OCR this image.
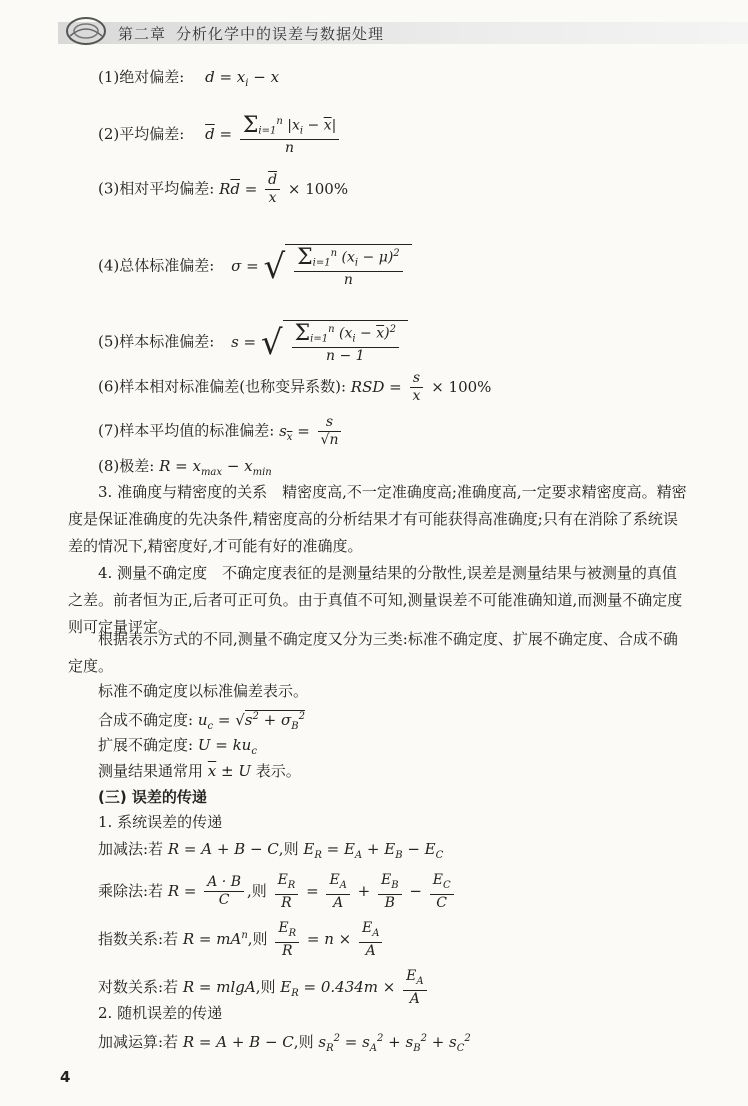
第二章 分析化学中的误差与数据处理
(1)绝对偏差: $d = x_i - x$
(2)平均偏差: $\overline{d} = \frac{\Sigma_{i=1}^n |x_i - \overline{x}|}{n}$
(3)相对平均偏差: $R\overline{d} = \frac{\overline{d}}{x} \times 100\%$
(4)总体标准偏差: σ = √ $\frac{\Sigma_{i=1}^n (x_i - \mu)^2}{n}$
(5)样本标准偏差: s = √ $\frac{\Sigma_{i=1}^n (x_i - \overline{x})^2}{n - 1}$
(6)样本相对标准偏差(也称变异系数): RSD = $\frac{s}{x} \times 100\%$
(7)样本平均值的标准偏差: $s_{\overline{x}} = \frac{s}{√n}$
(8)极差: $R = x_{max} - x_{min}$
3. 准确度与精密度的关系　精密度高,不一定准确度高;准确度高,一定要求精密度高。精密度是保证准确度的先决条件,精密度高的分析结果才有可能获得高准确度;只有在消除了系统误差的情况下,精密度好,才可能有好的准确度。
4. 测量不确定度　不确定度表征的是测量结果的分散性,误差是测量结果与被测量的真值之差。前者恒为正,后者可正可负。由于真值不可知,测量误差不可能准确知道,而测量不确定度则可定量评定。
根据表示方式的不同,测量不确定度又分为三类:标准不确定度、扩展不确定度、合成不确定度。
标准不确定度以标准偏差表示。
合成不确定度: $u_c = √s^2 + \sigma_B^2$
扩展不确定度: $U = ku_c$
测量结果通常用 $\overline{x} \pm U$ 表示。
(三) 误差的传递
1. 系统误差的传递
加减法:若 R = A + B − C,则 $E_R = E_A + E_B - E_C$
乘除法:若 $R = \frac{A \cdot B}{C}$ ,则 $\frac{E_R}{R} = \frac{E_A}{A} + \frac{E_B}{B} - \frac{E_C}{C}$
指数关系:若 $R = mA^n$,则 $\frac{E_R}{R} = n \times \frac{E_A}{A}$
对数关系:若 R = mlgA,则 $E_R = 0.434m \times \frac{E_A}{A}$
2. 随机误差的传递
加减运算:若 R = A + B − C,则 $s_R^2 = s_A^2 + s_B^2 + s_C^2$
4
